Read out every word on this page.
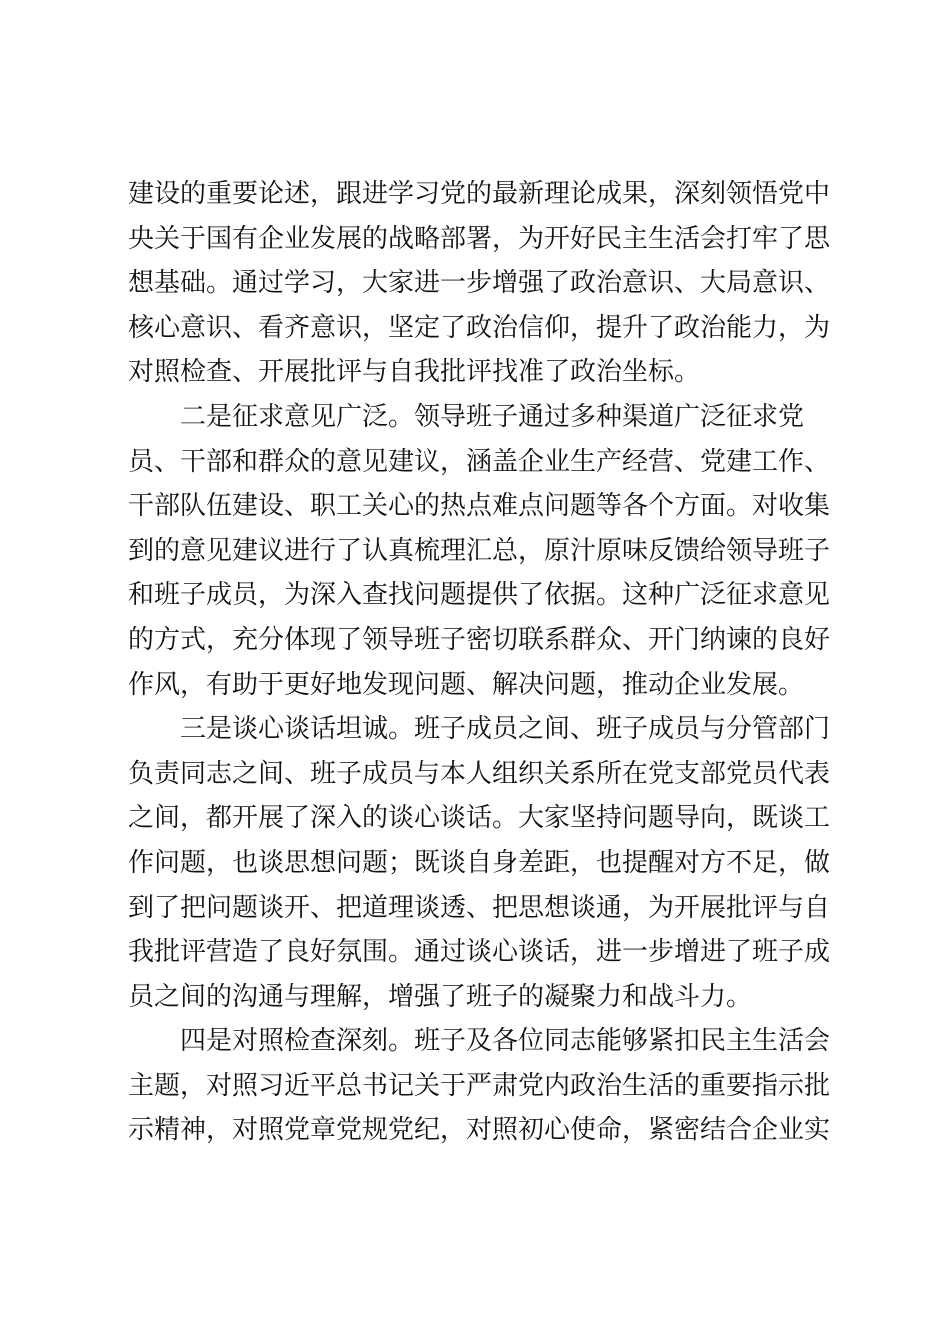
建设的重要论述，跟进学习党的最新理论成果，深刻领悟党中
央关于国有企业发展的战略部署，为开好民主生活会打牢了思
想基础。通过学习，大家进一步增强了政治意识、大局意识、
核心意识、看齐意识，坚定了政治信仰，提升了政治能力，为
对照检查、开展批评与自我批评找准了政治坐标。
二是征求意见广泛。领导班子通过多种渠道广泛征求党
员、干部和群众的意见建议，涵盖企业生产经营、党建工作、
干部队伍建设、职工关心的热点难点问题等各个方面。对收集
到的意见建议进行了认真梳理汇总，原汁原味反馈给领导班子
和班子成员，为深入查找问题提供了依据。这种广泛征求意见
的方式，充分体现了领导班子密切联系群众、开门纳谏的良好
作风，有助于更好地发现问题、解决问题，推动企业发展。
三是谈心谈话坦诚。班子成员之间、班子成员与分管部门
负责同志之间、班子成员与本人组织关系所在党支部党员代表
之间，都开展了深入的谈心谈话。大家坚持问题导向，既谈工
作问题，也谈思想问题；既谈自身差距，也提醒对方不足，做
到了把问题谈开、把道理谈透、把思想谈通，为开展批评与自
我批评营造了良好氛围。通过谈心谈话，进一步增进了班子成
员之间的沟通与理解，增强了班子的凝聚力和战斗力。
四是对照检查深刻。班子及各位同志能够紧扣民主生活会
主题，对照习近平总书记关于严肃党内政治生活的重要指示批
示精神，对照党章党规党纪，对照初心使命，紧密结合企业实
